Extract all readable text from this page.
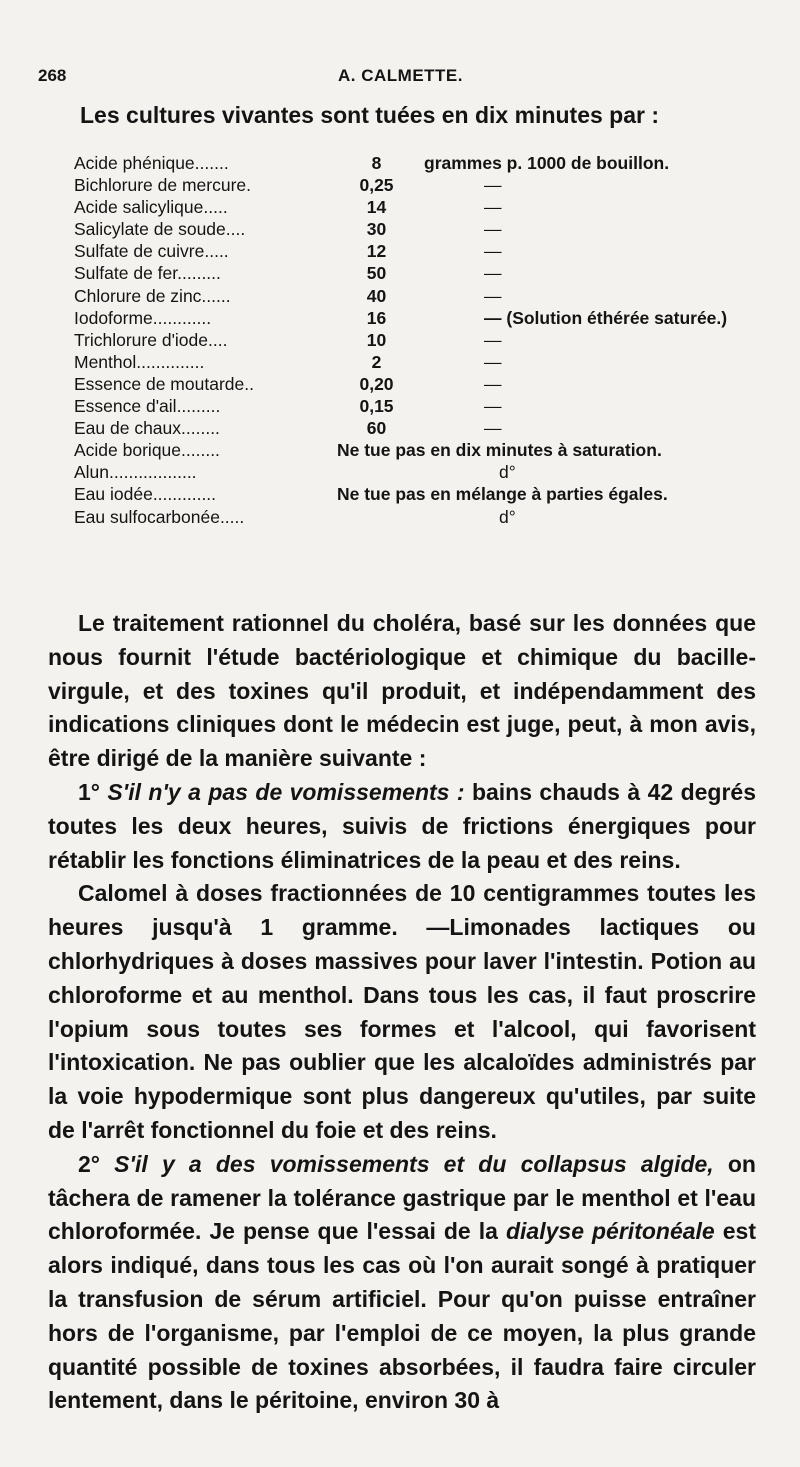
268	A. CALMETTE.
Les cultures vivantes sont tuées en dix minutes par :
Acide phénique.......	8	grammes p. 1000 de bouillon.
Bichlorure de mercure.	0,25	—
Acide salicylique.....	14	—
Salicylate de soude....	30	—
Sulfate de cuivre.....	12	—
Sulfate de fer.........	50	—
Chlorure de zinc......	40	—
Iodoforme............	16	— (Solution éthérée saturée.)
Trichlorure d'iode....	10	—
Menthol..............	2	—
Essence de moutarde..	0,20	—
Essence d'ail.........	0,15	—
Eau de chaux........	60	—
Acide borique........	Ne tue pas en dix minutes à saturation.	
Alun..................	d°	
Eau iodée.............	Ne tue pas en mélange à parties égales.	
Eau sulfocarbonée.....	d°	

Le traitement rationnel du choléra, basé sur les données que nous fournit l'étude bactériologique et chimique du bacille-virgule, et des toxines qu'il produit, et indépendamment des indications cliniques dont le médecin est juge, peut, à mon avis, être dirigé de la manière suivante :

1° S'il n'y a pas de vomissements : bains chauds à 42 degrés toutes les deux heures, suivis de frictions énergiques pour rétablir les fonctions éliminatrices de la peau et des reins.

Calomel à doses fractionnées de 10 centigrammes toutes les heures jusqu'à 1 gramme. —Limonades lactiques ou chlorhydriques à doses massives pour laver l'intestin. Potion au chloroforme et au menthol. Dans tous les cas, il faut proscrire l'opium sous toutes ses formes et l'alcool, qui favorisent l'intoxication. Ne pas oublier que les alcaloïdes administrés par la voie hypodermique sont plus dangereux qu'utiles, par suite de l'arrêt fonctionnel du foie et des reins.

2° S'il y a des vomissements et du collapsus algide, on tâchera de ramener la tolérance gastrique par le menthol et l'eau chloroformée. Je pense que l'essai de la dialyse péritonéale est alors indiqué, dans tous les cas où l'on aurait songé à pratiquer la transfusion de sérum artificiel. Pour qu'on puisse entraîner hors de l'organisme, par l'emploi de ce moyen, la plus grande quantité possible de toxines absorbées, il faudra faire circuler lentement, dans le péritoine, environ 30 à
